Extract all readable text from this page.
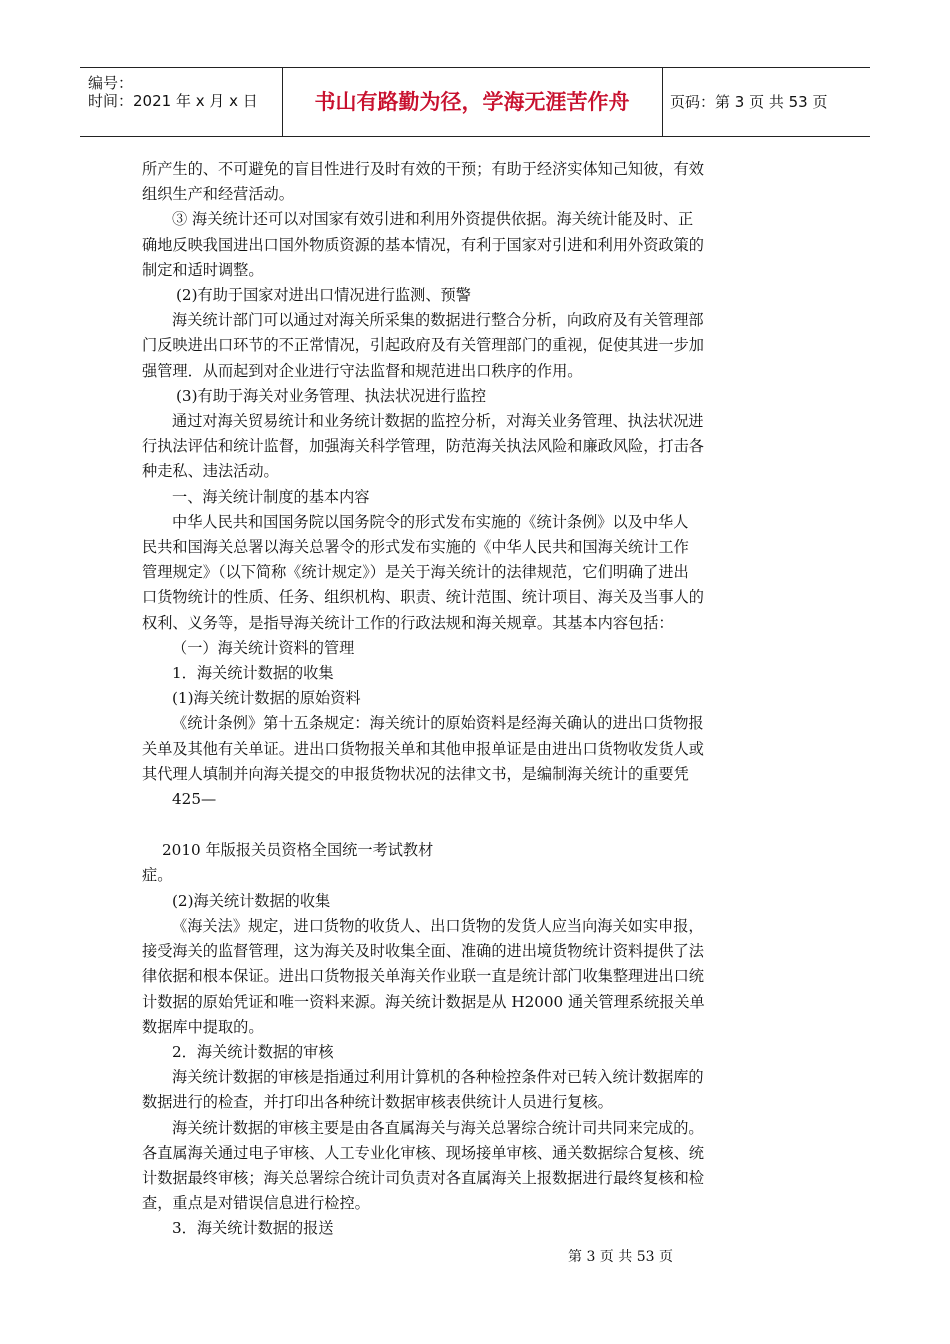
编号：
时间：2021 年 x 月 x 日	书山有路勤为径，学海无涯苦作舟	页码：第 3 页 共 53 页
所产生的、不可避免的盲目性进行及时有效的干预；有助于经济实体知己知彼，有效
组织生产和经营活动。
③ 海关统计还可以对国家有效引进和利用外资提供依据。海关统计能及时、正
确地反映我国进出口国外物质资源的基本情况，有利于国家对引进和利用外资政策的
制定和适时调整。
(2)有助于国家对进出口情况进行监测、预警
海关统计部门可以通过对海关所采集的数据进行整合分析，向政府及有关管理部
门反映进出口环节的不正常情况，引起政府及有关管理部门的重视，促使其进一步加
强管理．从而起到对企业进行守法监督和规范进出口秩序的作用。
(3)有助于海关对业务管理、执法状况进行监控
通过对海关贸易统计和业务统计数据的监控分析，对海关业务管理、执法状况进
行执法评估和统计监督，加强海关科学管理，防范海关执法风险和廉政风险，打击各
种走私、违法活动。
一、海关统计制度的基本内容
中华人民共和国国务院以国务院令的形式发布实施的《统计条例》以及中华人
民共和国海关总署以海关总署令的形式发布实施的《中华人民共和国海关统计工作
管理规定》（以下简称《统计规定》）是关于海关统计的法律规范，它们明确了进出
口货物统计的性质、任务、组织机构、职责、统计范围、统计项目、海关及当事人的
权利、义务等，是指导海关统计工作的行政法规和海关规章。其基本内容包括：
（一）海关统计资料的管理
1．海关统计数据的收集
(1)海关统计数据的原始资料
《统计条例》第十五条规定：海关统计的原始资料是经海关确认的进出口货物报
关单及其他有关单证。进出口货物报关单和其他申报单证是由进出口货物收发货人或
其代理人填制并向海关提交的申报货物状况的法律文书，是编制海关统计的重要凭
425—
2010 年版报关员资格全国统一考试教材
症。
(2)海关统计数据的收集
《海关法》规定，进口货物的收货人、出口货物的发货人应当向海关如实申报，
接受海关的监督管理，这为海关及时收集全面、准确的进出境货物统计资料提供了法
律依据和根本保证。进出口货物报关单海关作业联一直是统计部门收集整理进出口统
计数据的原始凭证和唯一资料来源。海关统计数据是从 H2000 通关管理系统报关单
数据库中提取的。
2．海关统计数据的审核
海关统计数据的审核是指通过利用计算机的各种检控条件对已转入统计数据库的
数据进行的检查，并打印出各种统计数据审核表供统计人员进行复核。
海关统计数据的审核主要是由各直属海关与海关总署综合统计司共同来完成的。
各直属海关通过电子审核、人工专业化审核、现场接单审核、通关数据综合复核、统
计数据最终审核；海关总署综合统计司负责对各直属海关上报数据进行最终复核和检
查，重点是对错误信息进行检控。
3．海关统计数据的报送
第 3 页 共 53 页
